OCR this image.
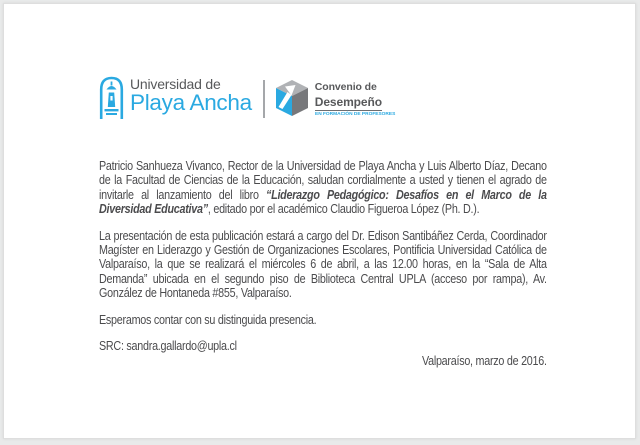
Universidad de
Playa Ancha
Convenio de
Desempeño
EN FORMACIÓN DE PROFESORES

Patricio Sanhueza Vivanco, Rector de la Universidad de Playa Ancha y Luis Alberto Díaz, Decano de la Facultad de Ciencias de la Educación, saludan cordialmente a usted y tienen el agrado de invitarle al lanzamiento del libro “Liderazgo Pedagógico: Desafíos en el Marco de la Diversidad Educativa”, editado por el académico Claudio Figueroa López (Ph. D.).

La presentación de esta publicación estará a cargo del Dr. Edison Santibáñez Cerda, Coordinador Magíster en Liderazgo y Gestión de Organizaciones Escolares, Pontificia Universidad Católica de Valparaíso, la que se realizará el miércoles 6 de abril, a las 12.00 horas, en la “Sala de Alta Demanda” ubicada en el segundo piso de Biblioteca Central UPLA (acceso por rampa), Av. González de Hontaneda #855, Valparaíso.

Esperamos contar con su distinguida presencia.

SRC: sandra.gallardo@upla.cl

Valparaíso, marzo de 2016.
